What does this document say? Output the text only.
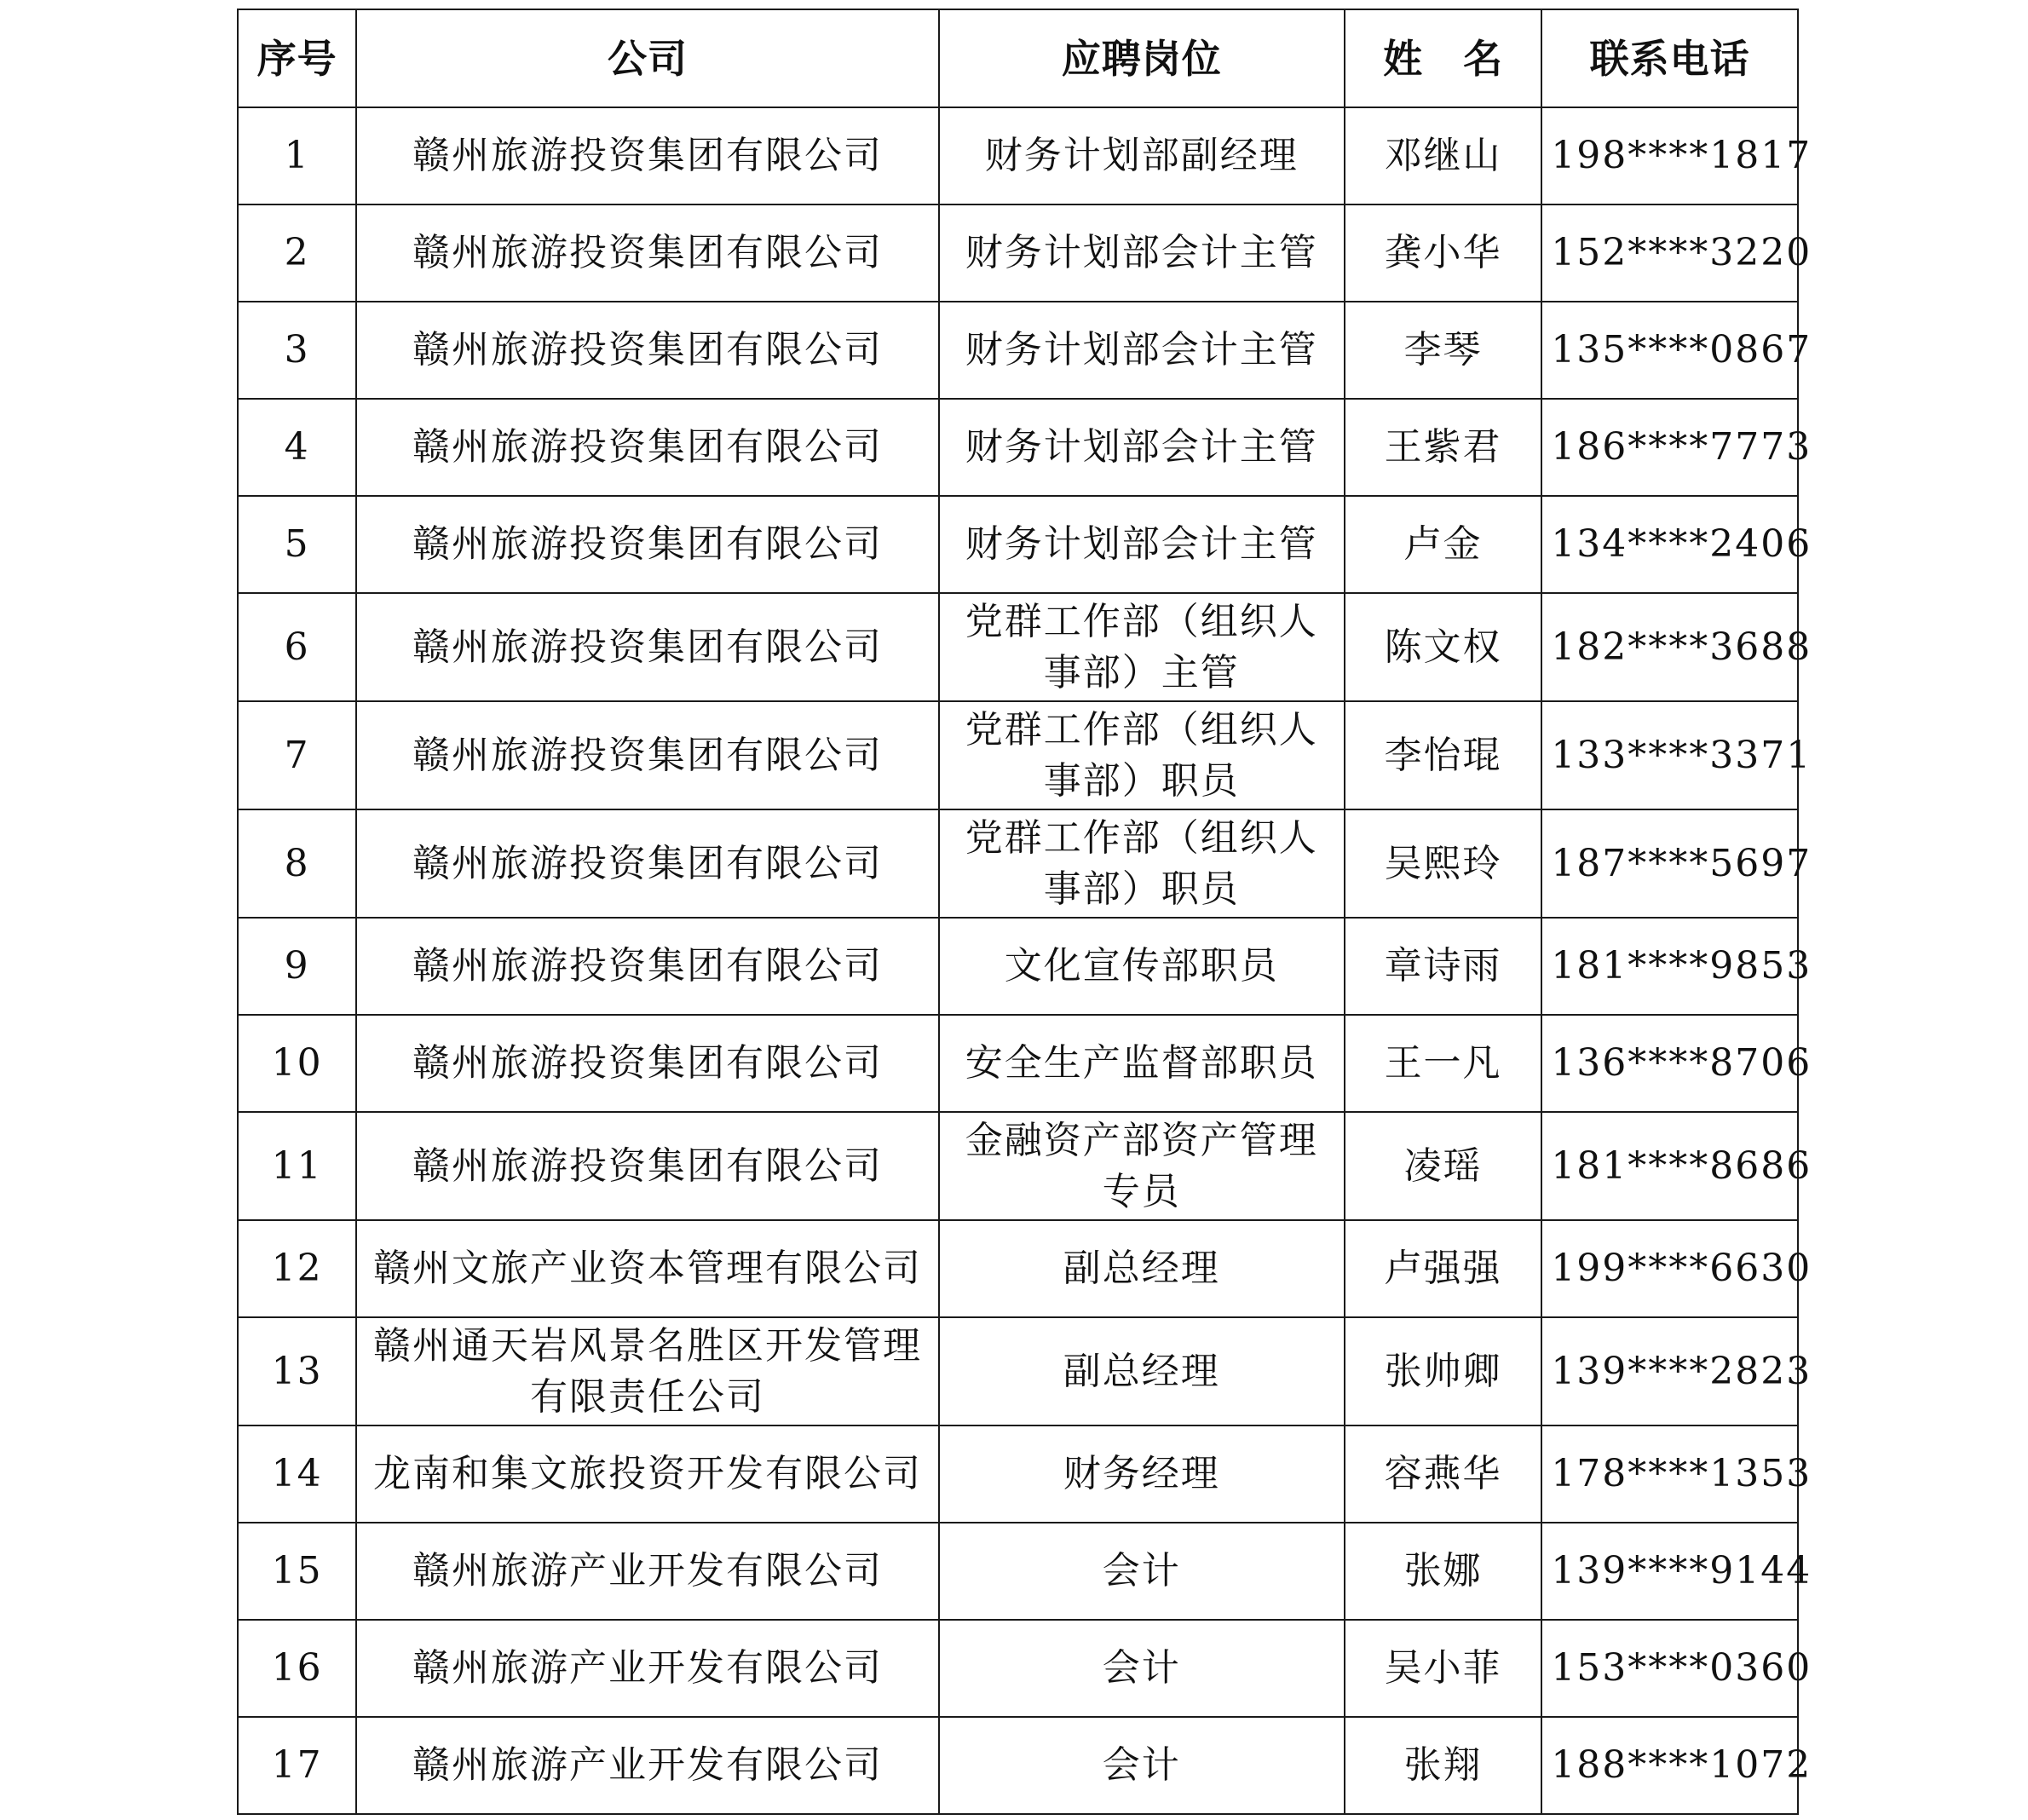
序号	公司	应聘岗位	姓　名	联系电话
1	赣州旅游投资集团有限公司	财务计划部副经理	邓继山	198****1817
2	赣州旅游投资集团有限公司	财务计划部会计主管	龚小华	152****3220
3	赣州旅游投资集团有限公司	财务计划部会计主管	李琴	135****0867
4	赣州旅游投资集团有限公司	财务计划部会计主管	王紫君	186****7773
5	赣州旅游投资集团有限公司	财务计划部会计主管	卢金	134****2406
6	赣州旅游投资集团有限公司	党群工作部（组织人事部）主管	陈文权	182****3688
7	赣州旅游投资集团有限公司	党群工作部（组织人事部）职员	李怡琨	133****3371
8	赣州旅游投资集团有限公司	党群工作部（组织人事部）职员	吴熙玲	187****5697
9	赣州旅游投资集团有限公司	文化宣传部职员	章诗雨	181****9853
10	赣州旅游投资集团有限公司	安全生产监督部职员	王一凡	136****8706
11	赣州旅游投资集团有限公司	金融资产部资产管理专员	凌瑶	181****8686
12	赣州文旅产业资本管理有限公司	副总经理	卢强强	199****6630
13	赣州通天岩风景名胜区开发管理有限责任公司	副总经理	张帅卿	139****2823
14	龙南和集文旅投资开发有限公司	财务经理	容燕华	178****1353
15	赣州旅游产业开发有限公司	会计	张娜	139****9144
16	赣州旅游产业开发有限公司	会计	吴小菲	153****0360
17	赣州旅游产业开发有限公司	会计	张翔	188****1072
